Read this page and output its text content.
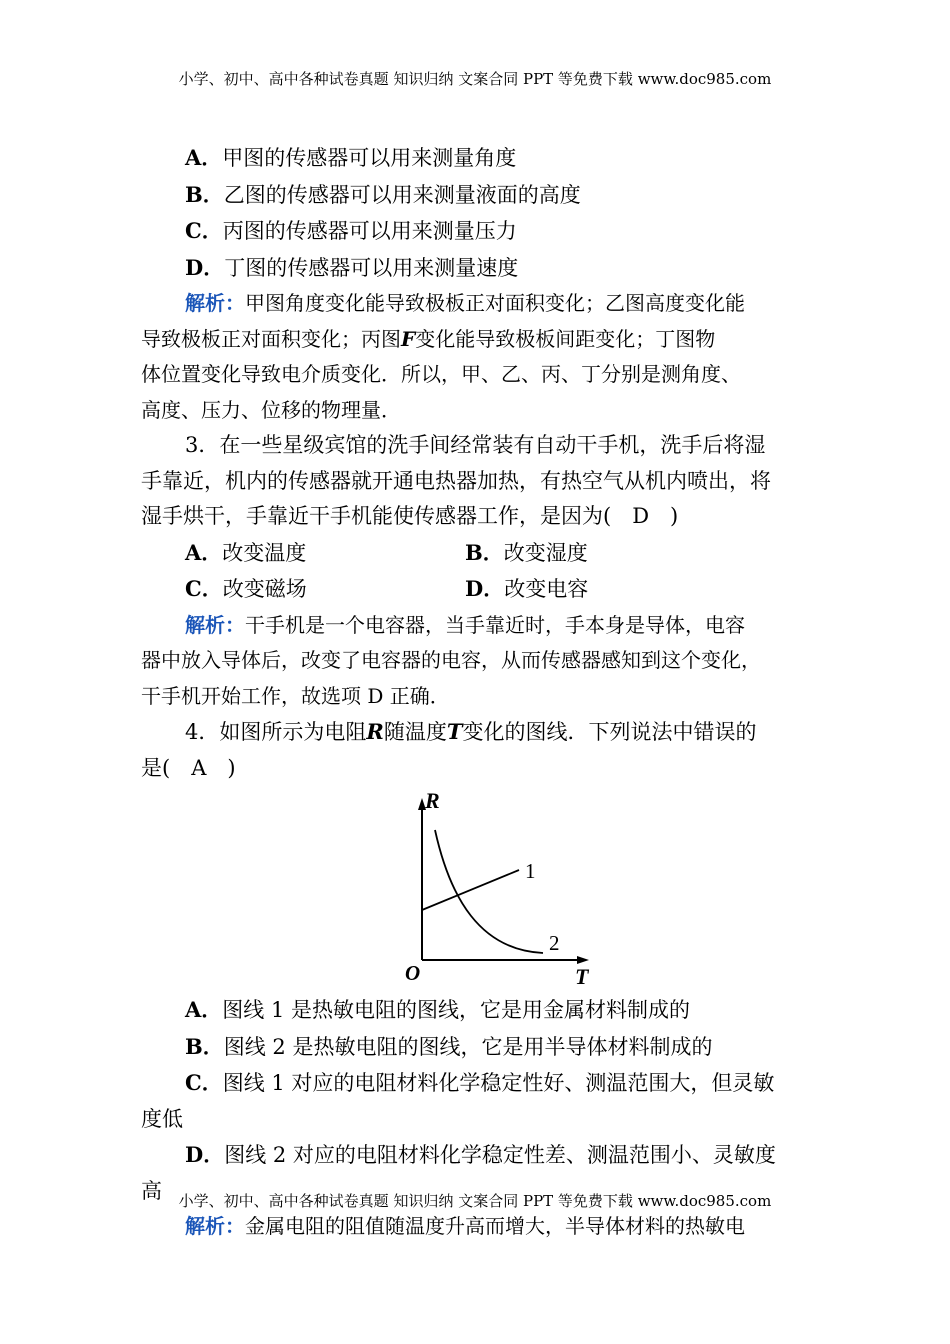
小学、初中、高中各种试卷真题 知识归纳 文案合同 PPT 等免费下载 www.doc985.com
A．甲图的传感器可以用来测量角度
B．乙图的传感器可以用来测量液面的高度
C．丙图的传感器可以用来测量压力
D．丁图的传感器可以用来测量速度
解析：甲图角度变化能导致极板正对面积变化；乙图高度变化能
导致极板正对面积变化；丙图F变化能导致极板间距变化；丁图物
体位置变化导致电介质变化．所以，甲、乙、丙、丁分别是测角度、
高度、压力、位移的物理量．
3．在一些星级宾馆的洗手间经常装有自动干手机，洗手后将湿
手靠近，机内的传感器就开通电热器加热，有热空气从机内喷出，将
湿手烘干，手靠近干手机能使传感器工作，是因为(　D　)
A．改变温度	B．改变湿度
C．改变磁场	D．改变电容
解析：干手机是一个电容器，当手靠近时，手本身是导体，电容
器中放入导体后，改变了电容器的电容，从而传感器感知到这个变化，
干手机开始工作，故选项 D 正确．
4．如图所示为电阻R随温度T变化的图线．下列说法中错误的
是(　A　)
R
T
O
1
2
A．图线 1 是热敏电阻的图线，它是用金属材料制成的
B．图线 2 是热敏电阻的图线，它是用半导体材料制成的
C．图线 1 对应的电阻材料化学稳定性好、测温范围大，但灵敏
度低
D．图线 2 对应的电阻材料化学稳定性差、测温范围小、灵敏度
高
解析：金属电阻的阻值随温度升高而增大，半导体材料的热敏电
小学、初中、高中各种试卷真题 知识归纳 文案合同 PPT 等免费下载 www.doc985.com
